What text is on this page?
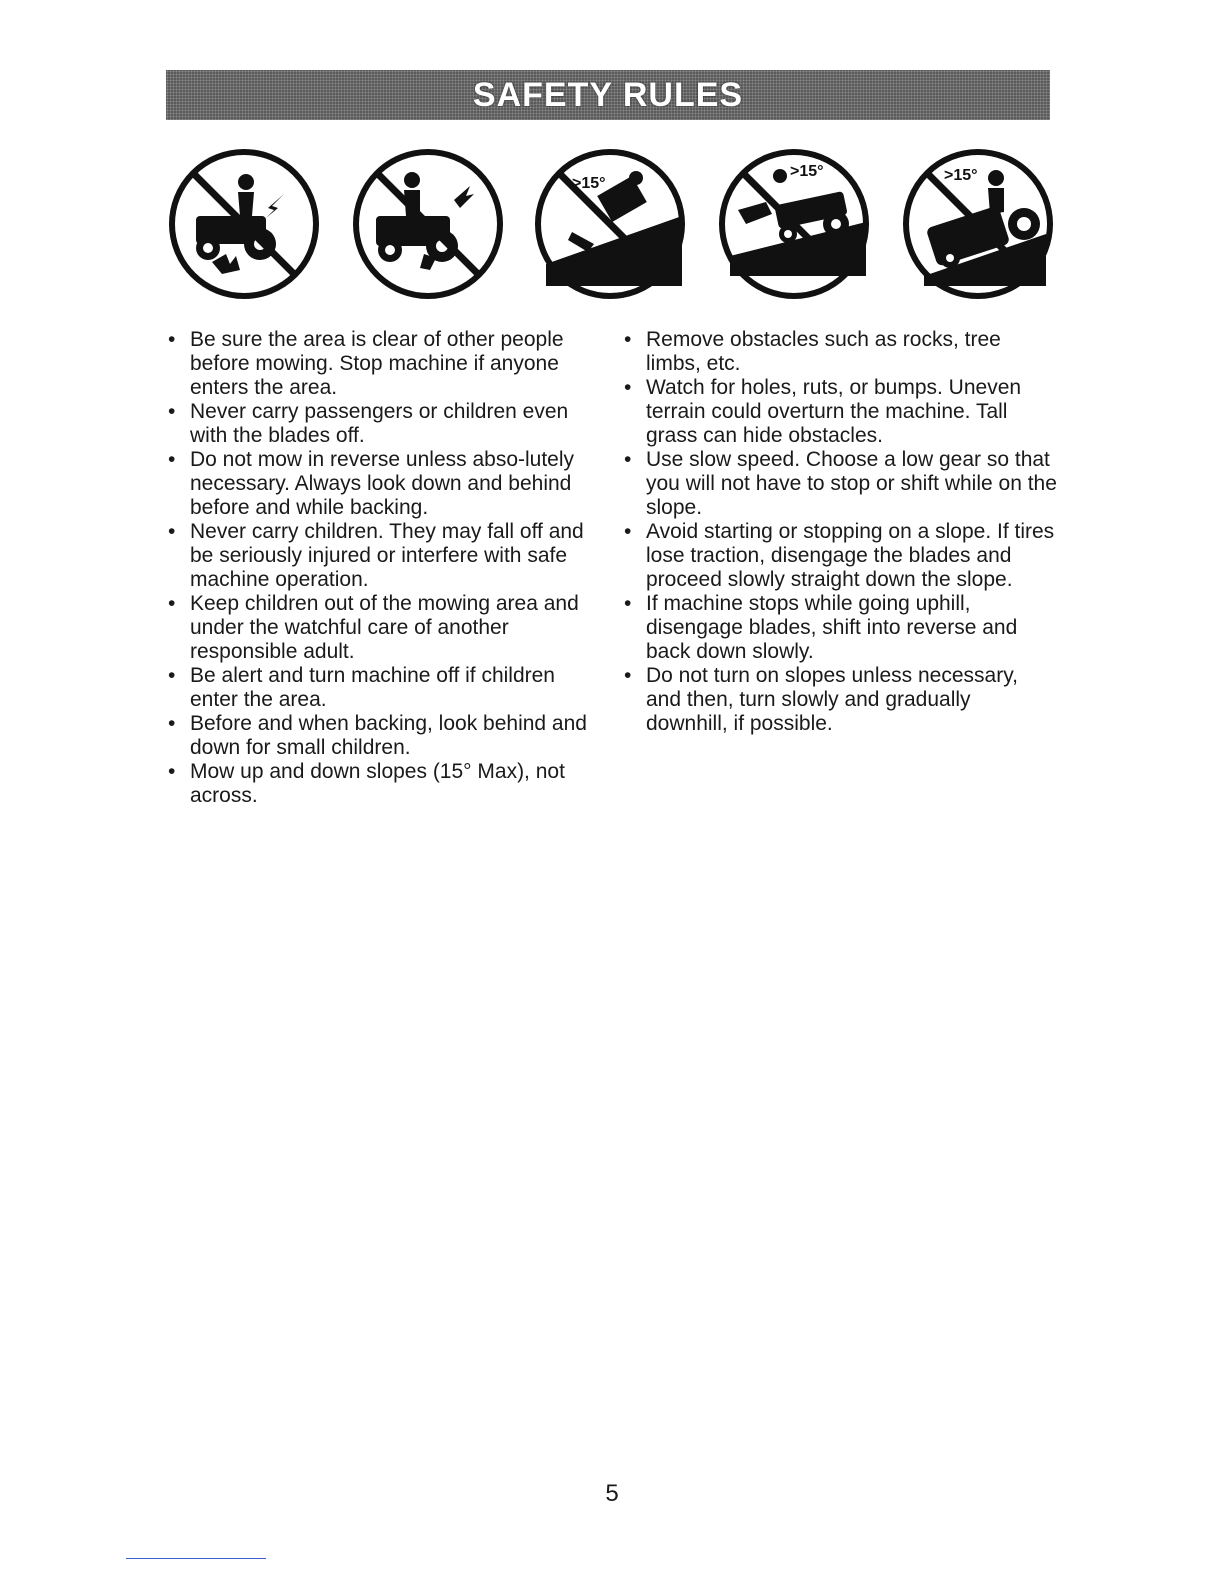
SAFETY RULES
>15°
>15°	>15°
• Be sure the area is clear of other people before mowing. Stop machine if anyone enters the area.
• Never carry passengers or children even with the blades off.
• Do not mow in reverse unless abso-lutely necessary. Always look down and behind before and while backing.
• Never carry children. They may fall off and be seriously injured or interfere with safe machine operation.
• Keep children out of the mowing area and under the watchful care of another responsible adult.
• Be alert and turn machine off if children enter the area.
• Before and when backing, look behind and down for small children.
• Mow up and down slopes (15° Max), not across.
• Remove obstacles such as rocks, tree limbs, etc.
• Watch for holes, ruts, or bumps. Uneven terrain could overturn the machine. Tall grass can hide obstacles.
• Use slow speed. Choose a low gear so that you will not have to stop or shift while on the slope.
• Avoid starting or stopping on a slope. If tires lose traction, disengage the blades and proceed slowly straight down the slope.
• If machine stops while going uphill, disengage blades, shift into reverse and back down slowly.
• Do not turn on slopes unless necessary, and then, turn slowly and gradually downhill, if possible.
5
